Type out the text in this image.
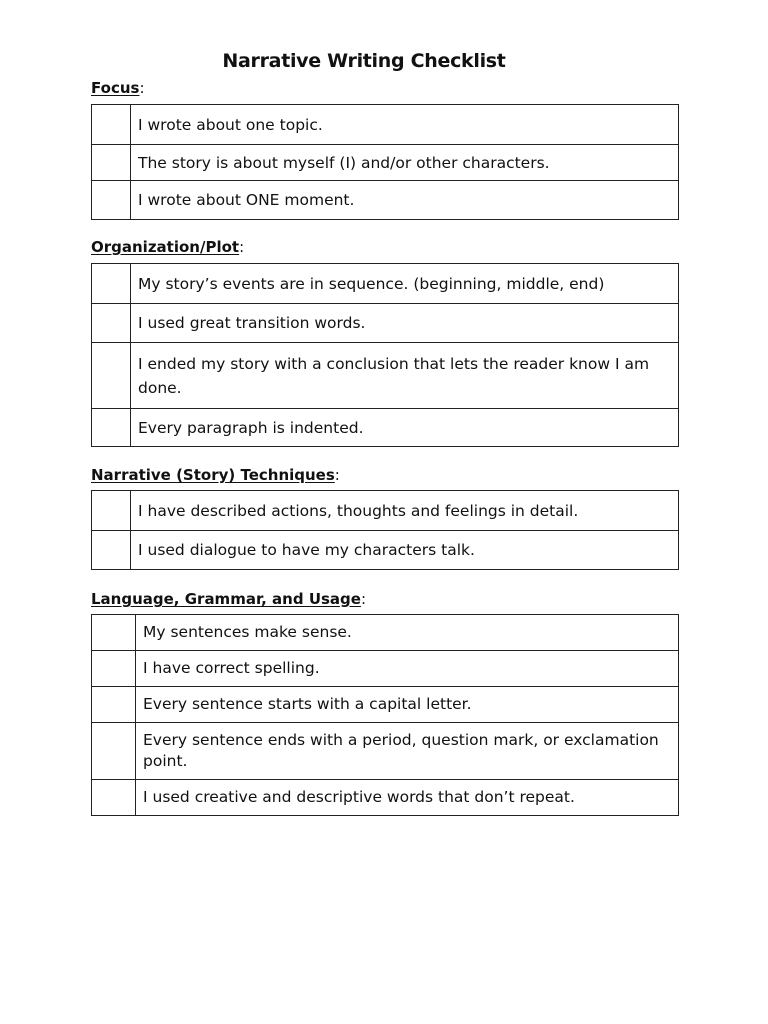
Narrative Writing Checklist
Focus:
	I wrote about one topic.
	The story is about myself (I) and/or other characters.
	I wrote about ONE moment.
Organization/Plot:
	My story’s events are in sequence. (beginning, middle, end)
	I used great transition words.
	I ended my story with a conclusion that lets the reader know I am done.
	Every paragraph is indented.
Narrative (Story) Techniques:
	I have described actions, thoughts and feelings in detail.
	I used dialogue to have my characters talk.
Language, Grammar, and Usage:
	My sentences make sense.
	I have correct spelling.
	Every sentence starts with a capital letter.
	Every sentence ends with a period, question mark, or exclamation point.
	I used creative and descriptive words that don’t repeat.
